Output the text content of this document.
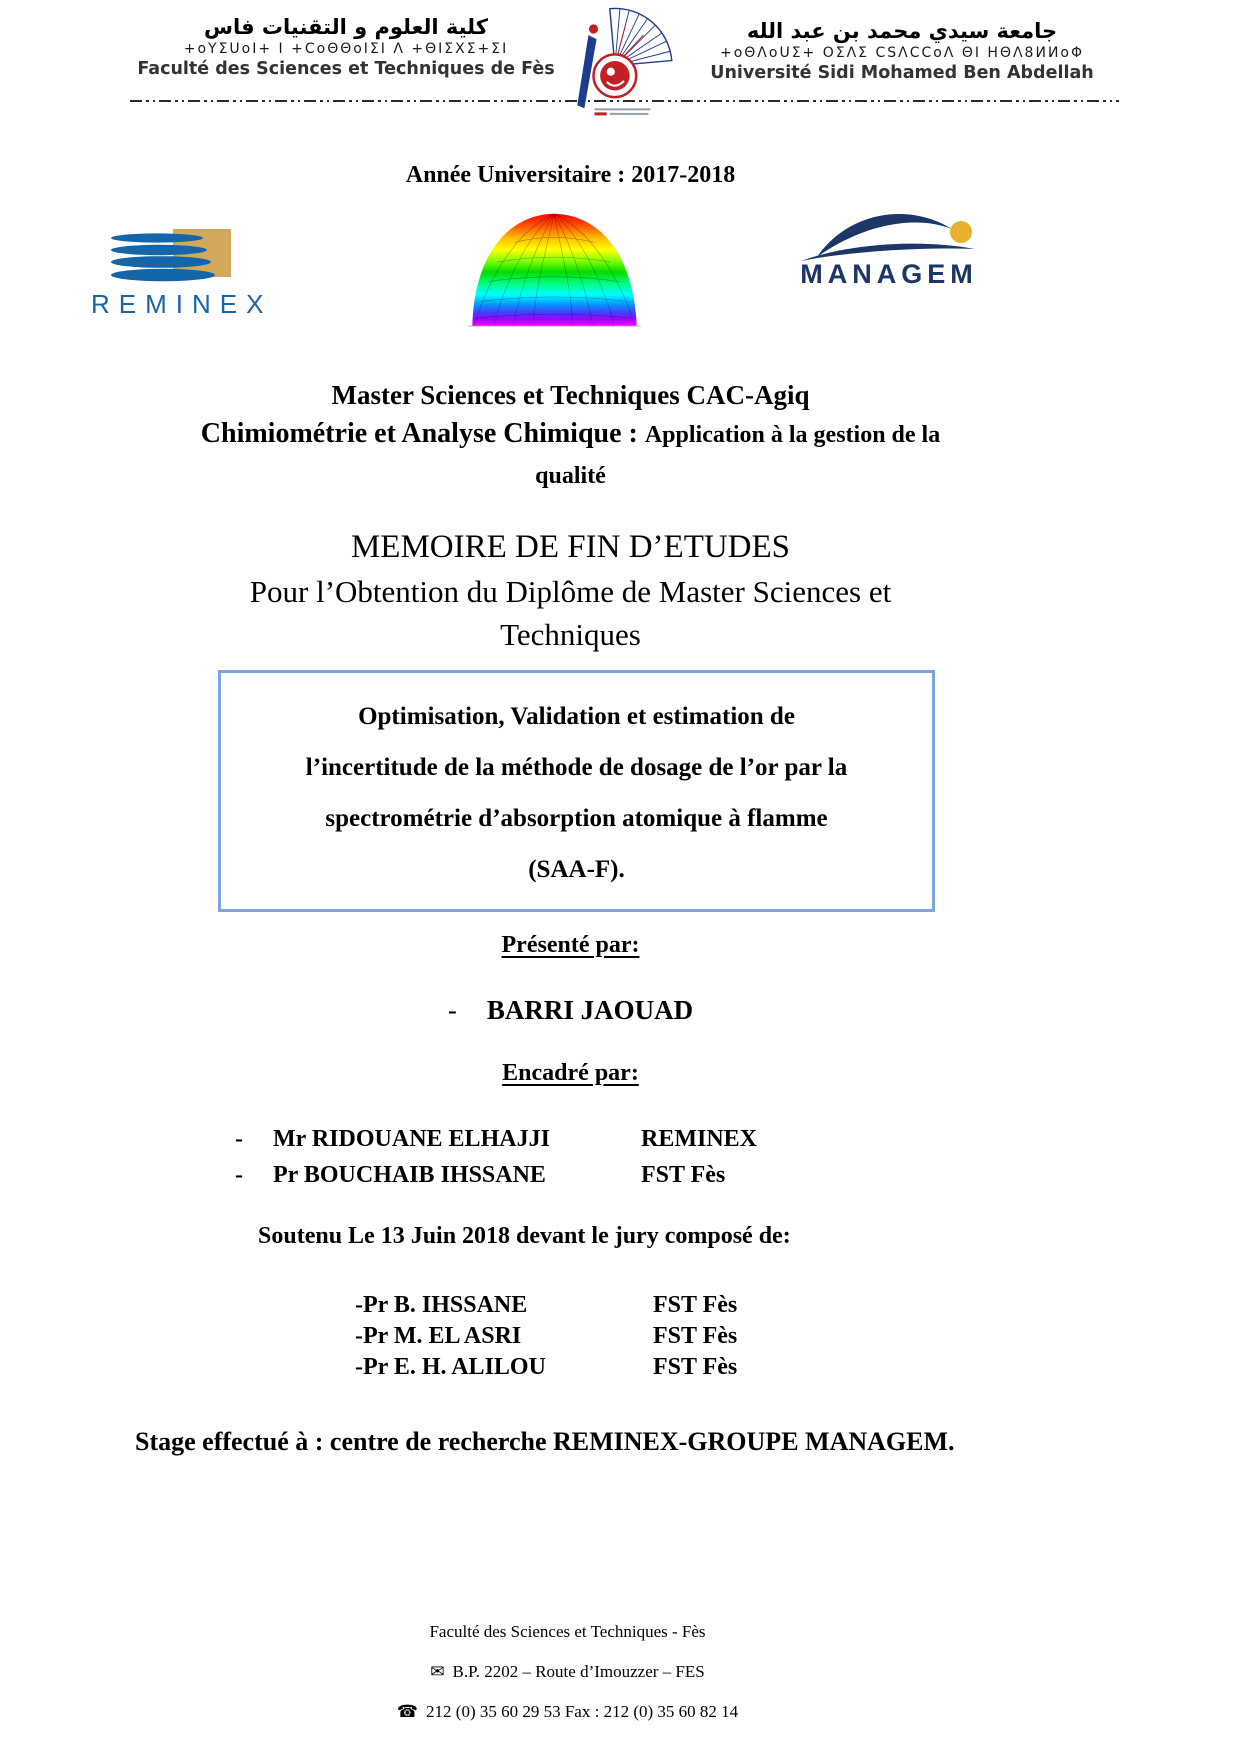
كلية العلوم و التقنيات فاس
+oYΣUoI+ I +CoΘΘoIΣI Λ +ΘIΣXΣ+ΣI
Faculté des Sciences et Techniques de Fès
جامعة سيدي محمد بن عبد الله
+oΘΛoUΣ+ ΟΣΛΣ CSΛCCoΛ ΘΙ ΗΘΛ8ИИoΦ
Université Sidi Mohamed Ben Abdellah
Année Universitaire : 2017-2018
REMINEX
MANAGEM
Master Sciences et Techniques CAC-Agiq
Chimiométrie et Analyse Chimique : Application à la gestion de la
qualité
MEMOIRE DE FIN D’ETUDES
Pour l’Obtention du Diplôme de Master Sciences et
Techniques
Optimisation, Validation et estimation de
l’incertitude de la méthode de dosage de l’or par la
spectrométrie d’absorption atomique à flamme
(SAA-F).
Présenté par:
- BARRI JAOUAD
Encadré par:
-	Mr RIDOUANE ELHAJJI	REMINEX
-	Pr BOUCHAIB IHSSANE	FST Fès
Soutenu Le 13 Juin 2018 devant le jury composé de:
-Pr B. IHSSANE	FST Fès
-Pr M. EL ASRI	FST Fès
-Pr E. H. ALILOU	FST Fès
Stage effectué à : centre de recherche REMINEX-GROUPE MANAGEM.
Faculté des Sciences et Techniques - Fès
✉ B.P. 2202 – Route d’Imouzzer – FES
☎ 212 (0) 35 60 29 53 Fax : 212 (0) 35 60 82 14
